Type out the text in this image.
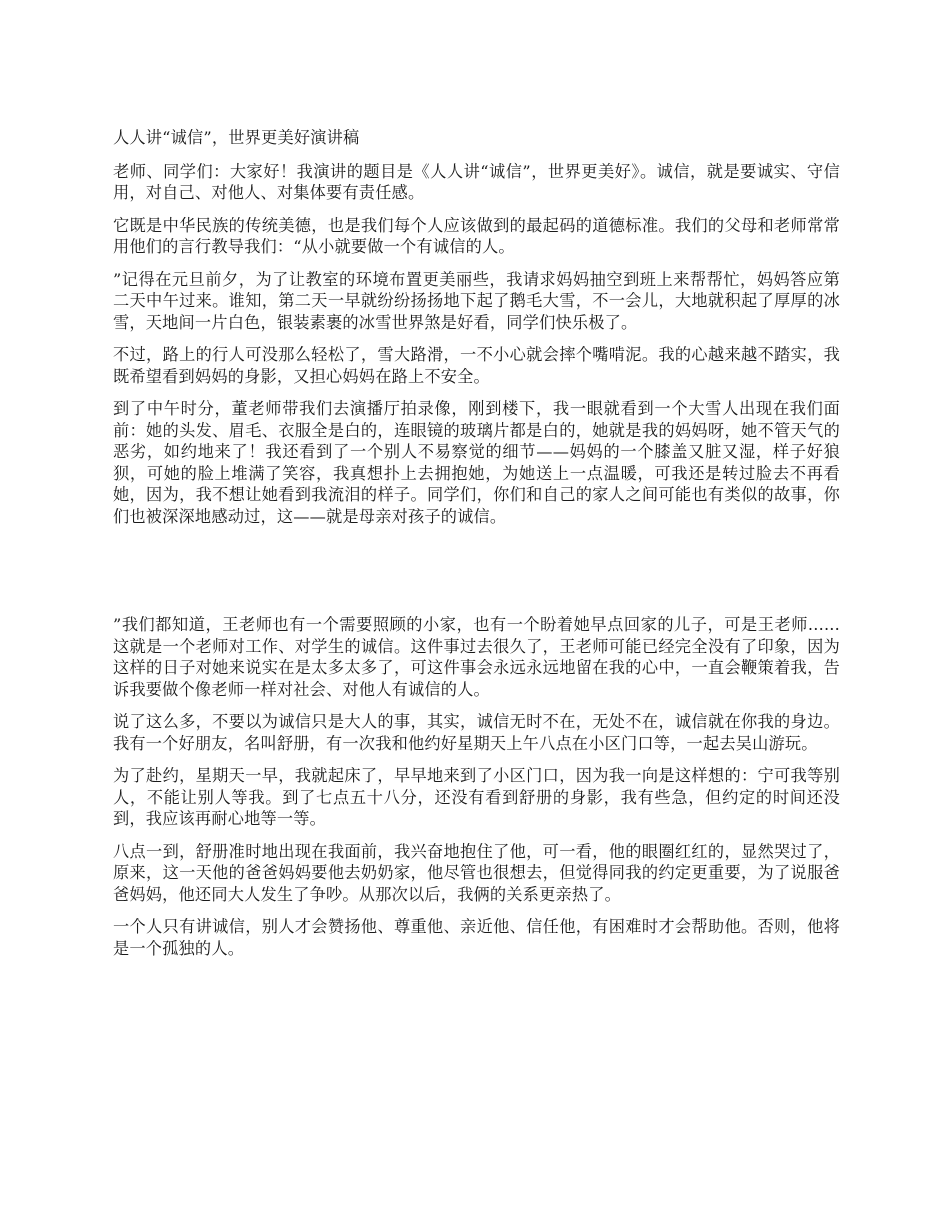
人人讲“诚信”，世界更美好演讲稿

老师、同学们：大家好！我演讲的题目是《人人讲“诚信”，世界更美好》。诚信，就是要诚实、守信用，对自己、对他人、对集体要有责任感。

它既是中华民族的传统美德，也是我们每个人应该做到的最起码的道德标准。我们的父母和老师常常用他们的言行教导我们：“从小就要做一个有诚信的人。

”记得在元旦前夕，为了让教室的环境布置更美丽些，我请求妈妈抽空到班上来帮帮忙，妈妈答应第二天中午过来。谁知，第二天一早就纷纷扬扬地下起了鹅毛大雪，不一会儿，大地就积起了厚厚的冰雪，天地间一片白色，银装素裹的冰雪世界煞是好看，同学们快乐极了。

不过，路上的行人可没那么轻松了，雪大路滑，一不小心就会摔个嘴啃泥。我的心越来越不踏实，我既希望看到妈妈的身影，又担心妈妈在路上不安全。

到了中午时分，董老师带我们去演播厅拍录像，刚到楼下，我一眼就看到一个大雪人出现在我们面前：她的头发、眉毛、衣服全是白的，连眼镜的玻璃片都是白的，她就是我的妈妈呀，她不管天气的恶劣，如约地来了！我还看到了一个别人不易察觉的细节——妈妈的一个膝盖又脏又湿，样子好狼狈，可她的脸上堆满了笑容，我真想扑上去拥抱她，为她送上一点温暖，可我还是转过脸去不再看她，因为，我不想让她看到我流泪的样子。同学们，你们和自己的家人之间可能也有类似的故事，你们也被深深地感动过，这——就是母亲对孩子的诚信。

”我们都知道，王老师也有一个需要照顾的小家，也有一个盼着她早点回家的儿子，可是王老师......这就是一个老师对工作、对学生的诚信。这件事过去很久了，王老师可能已经完全没有了印象，因为这样的日子对她来说实在是太多太多了，可这件事会永远永远地留在我的心中，一直会鞭策着我，告诉我要做个像老师一样对社会、对他人有诚信的人。

说了这么多，不要以为诚信只是大人的事，其实，诚信无时不在，无处不在，诚信就在你我的身边。我有一个好朋友，名叫舒册，有一次我和他约好星期天上午八点在小区门口等，一起去吴山游玩。

为了赴约，星期天一早，我就起床了，早早地来到了小区门口，因为我一向是这样想的：宁可我等别人，不能让别人等我。到了七点五十八分，还没有看到舒册的身影，我有些急，但约定的时间还没到，我应该再耐心地等一等。

八点一到，舒册准时地出现在我面前，我兴奋地抱住了他，可一看，他的眼圈红红的，显然哭过了，原来，这一天他的爸爸妈妈要他去奶奶家，他尽管也很想去，但觉得同我的约定更重要，为了说服爸爸妈妈，他还同大人发生了争吵。从那次以后，我俩的关系更亲热了。

一个人只有讲诚信，别人才会赞扬他、尊重他、亲近他、信任他，有困难时才会帮助他。否则，他将是一个孤独的人。
